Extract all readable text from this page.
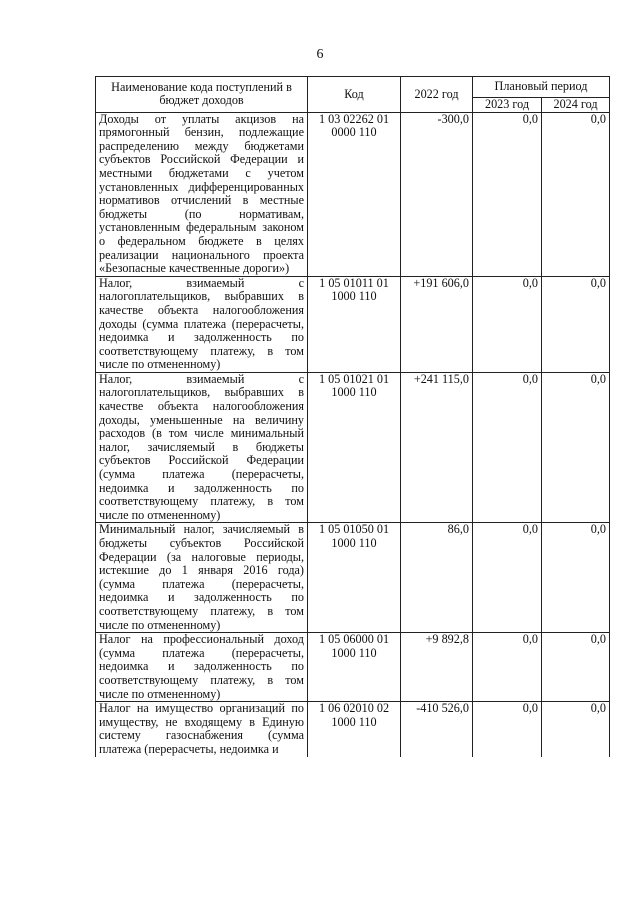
6
Наименование кода поступлений в бюджет доходов	Код	2022 год	Плановый период	
			2023 год	2024 год
Доходы от уплаты акцизов на прямогонный бензин, подлежащие распределению между бюджетами субъектов Российской Федерации и местными бюджетами с учетом установленных дифференцированных нормативов отчислений в местные бюджеты (по нормативам, установленным федеральным законом о федеральном бюджете в целях реализации национального проекта «Безопасные качественные дороги»)	1 03 02262 01 0000 110	-300,0	0,0	0,0
Налог, взимаемый с налогоплательщиков, выбравших в качестве объекта налогообложения доходы (сумма платежа (перерасчеты, недоимка и задолженность по соответствующему платежу, в том числе по отмененному)	1 05 01011 01 1000 110	+191 606,0	0,0	0,0
Налог, взимаемый с налогоплательщиков, выбравших в качестве объекта налогообложения доходы, уменьшенные на величину расходов (в том числе минимальный налог, зачисляемый в бюджеты субъектов Российской Федерации (сумма платежа (перерасчеты, недоимка и задолженность по соответствующему платежу, в том числе по отмененному)	1 05 01021 01 1000 110	+241 115,0	0,0	0,0
Минимальный налог, зачисляемый в бюджеты субъектов Российской Федерации (за налоговые периоды, истекшие до 1 января 2016 года) (сумма платежа (перерасчеты, недоимка и задолженность по соответствующему платежу, в том числе по отмененному)	1 05 01050 01 1000 110	86,0	0,0	0,0
Налог на профессиональный доход (сумма платежа (перерасчеты, недоимка и задолженность по соответствующему платежу, в том числе по отмененному)	1 05 06000 01 1000 110	+9 892,8	0,0	0,0
Налог на имущество организаций по имуществу, не входящему в Единую систему газоснабжения (сумма платежа (перерасчеты, недоимка и	1 06 02010 02 1000 110	-410 526,0	0,0	0,0
